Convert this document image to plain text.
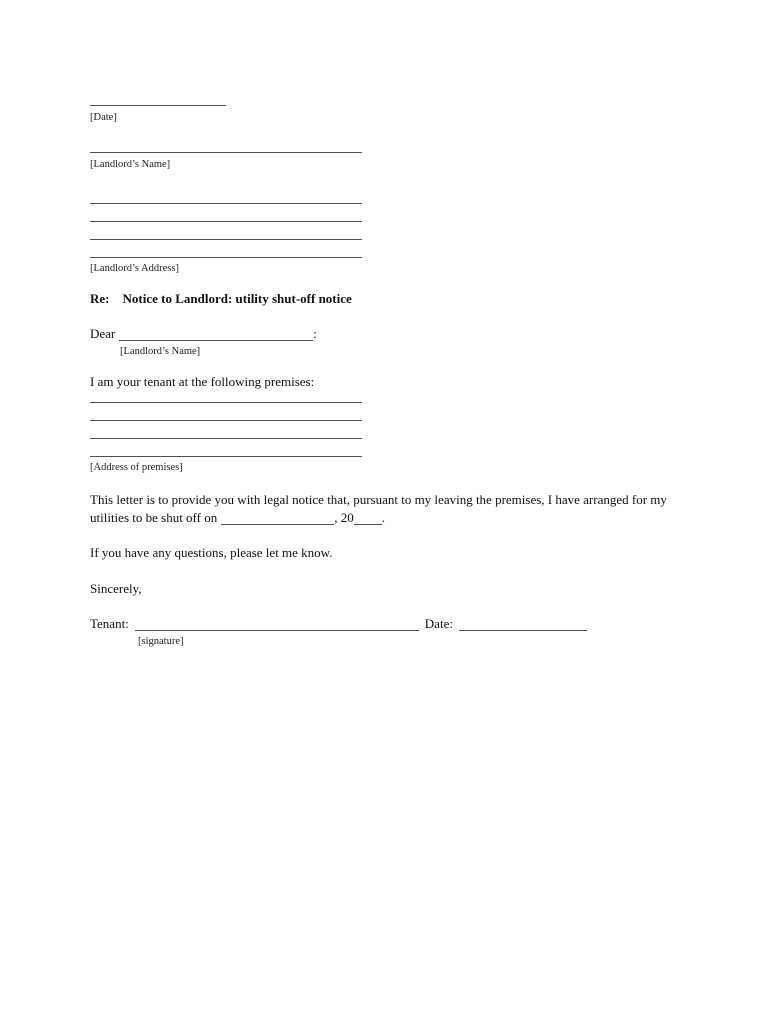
[Date]
[Landlord’s Name]
[Landlord’s Address]
Re: Notice to Landlord: utility shut-off notice
Dear	:
[Landlord’s Name]
I am your tenant at the following premises:
[Address of premises]

This letter is to provide you with legal notice that, pursuant to my leaving the premises, I have arranged for my utilities to be shut off on	, 20 .

If you have any questions, please let me know.
Sincerely,
Tenant:	Date:
[signature]
